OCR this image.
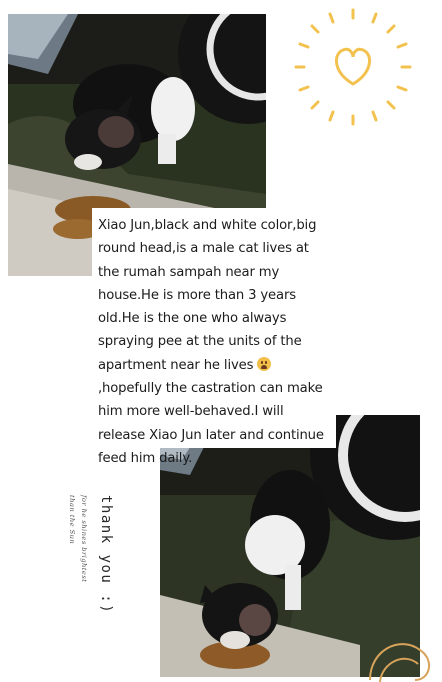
Xiao Jun,black and white color,big round head,is a male cat lives at the rumah sampah near my house.He is more than 3 years old.He is the one who always spraying pee at the units of the apartment near he lives
,hopefully the castration can make him more well-behaved.I will release Xiao Jun later and continue feed him daily.

thank you :)
for he shines brightest
than the Sun
